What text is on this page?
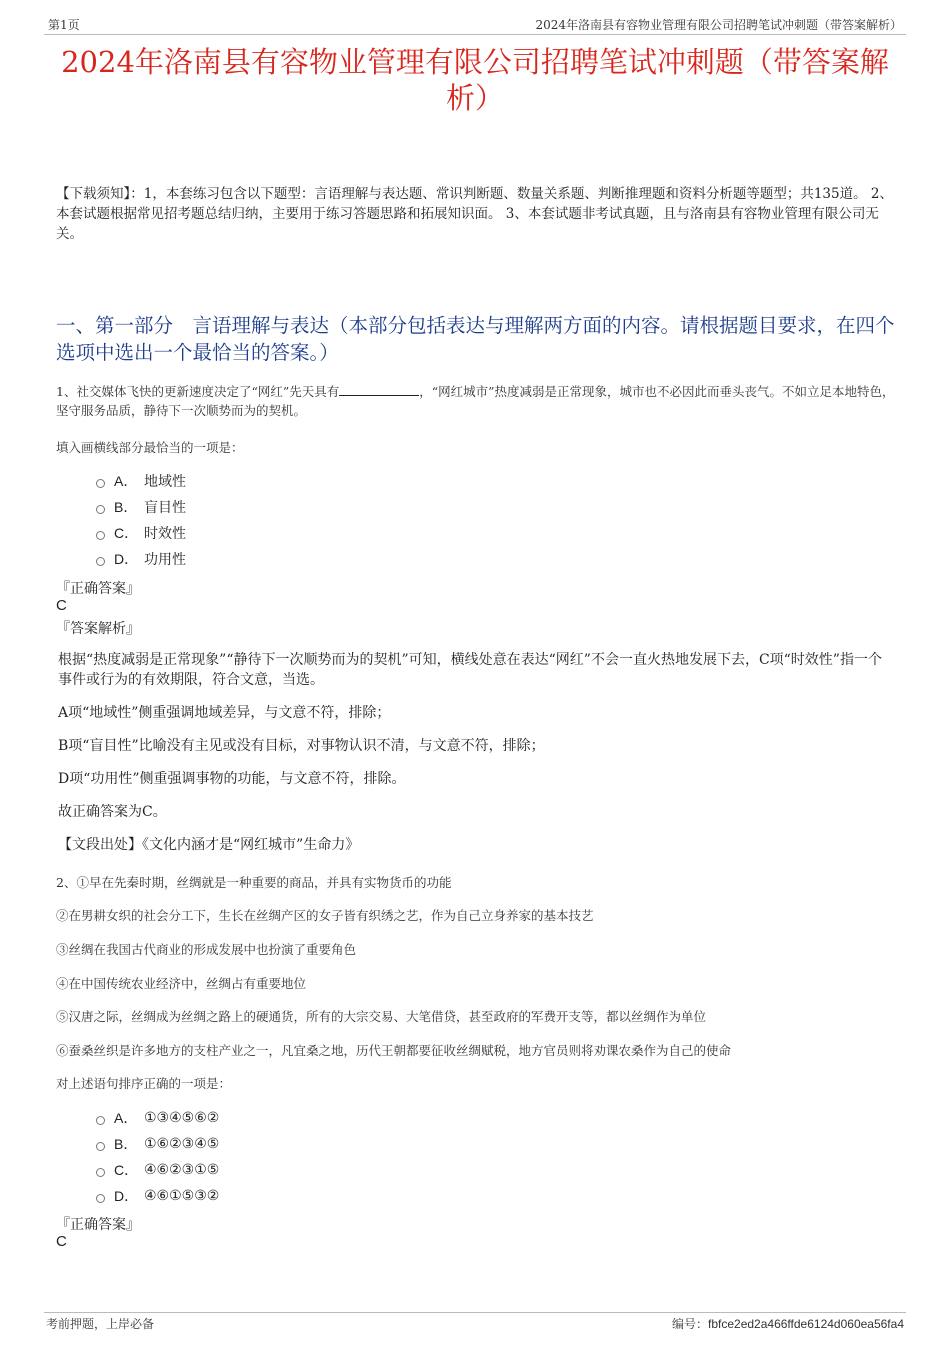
第1页	2024年洛南县有容物业管理有限公司招聘笔试冲刺题（带答案解析）
2024年洛南县有容物业管理有限公司招聘笔试冲刺题（带答案解析）
【下载须知】：1，本套练习包含以下题型：言语理解与表达题、常识判断题、数量关系题、判断推理题和资料分析题等题型；共135道。 2、本套试题根据常见招考题总结归纳，主要用于练习答题思路和拓展知识面。 3、本套试题非考试真题，且与洛南县有容物业管理有限公司无关。
一、第一部分　言语理解与表达（本部分包括表达与理解两方面的内容。请根据题目要求，在四个选项中选出一个最恰当的答案。）
1、社交媒体飞快的更新速度决定了“网红”先天具有	，“网红城市”热度减弱是正常现象，城市也不必因此而垂头丧气。不如立足本地特色，坚守服务品质，静待下一次顺势而为的契机。
填入画横线部分最恰当的一项是：
A． 地域性
B． 盲目性
C． 时效性
D． 功用性
『正确答案』
C
『答案解析』
根据“热度减弱是正常现象”“静待下一次顺势而为的契机”可知，横线处意在表达“网红”不会一直火热地发展下去，C项“时效性”指一个事件或行为的有效期限，符合文意，当选。
A项“地域性”侧重强调地域差异，与文意不符，排除；
B项“盲目性”比喻没有主见或没有目标，对事物认识不清，与文意不符，排除；
D项“功用性”侧重强调事物的功能，与文意不符，排除。
故正确答案为C。
【文段出处】《文化内涵才是“网红城市”生命力》
2、①早在先秦时期，丝绸就是一种重要的商品，并具有实物货币的功能
②在男耕女织的社会分工下，生长在丝绸产区的女子皆有织绣之艺，作为自己立身养家的基本技艺
③丝绸在我国古代商业的形成发展中也扮演了重要角色
④在中国传统农业经济中，丝绸占有重要地位
⑤汉唐之际，丝绸成为丝绸之路上的硬通货，所有的大宗交易、大笔借贷，甚至政府的军费开支等，都以丝绸作为单位
⑥蚕桑丝织是许多地方的支柱产业之一，凡宜桑之地，历代王朝都要征收丝绸赋税，地方官员则将劝课农桑作为自己的使命
对上述语句排序正确的一项是：
A． ①③④⑤⑥②
B． ①⑥②③④⑤
C． ④⑥②③①⑤
D． ④⑥①⑤③②
『正确答案』
C
考前押题，上岸必备	编号：fbfce2ed2a466ffde6124d060ea56fa4
